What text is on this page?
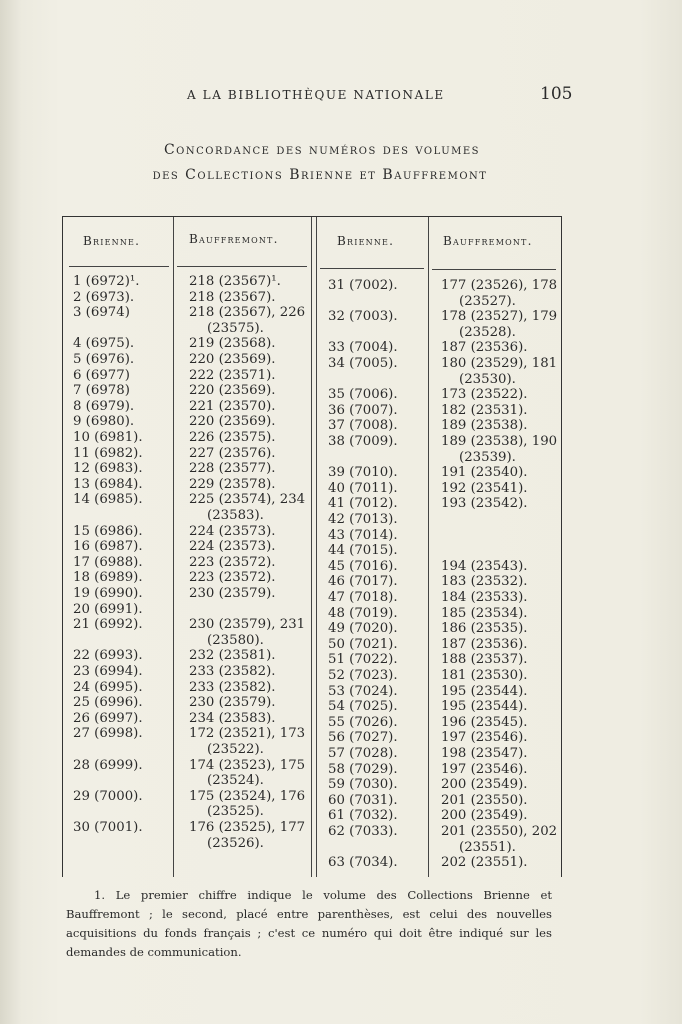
A LA BIBLIOTHÈQUE NATIONALE	105
Concordance des numéros des volumes
des Collections Brienne et Bauffremont
Brienne.	Bauffremont.	Brienne.	Bauffremont.
1 (6972)¹.	218 (23567)¹.
2 (6973).	218 (23567).
3 (6974)	218 (23567), 226
(23575).
4 (6975).	219 (23568).
5 (6976).	220 (23569).
6 (6977)	222 (23571).
7 (6978)	220 (23569).
8 (6979).	221 (23570).
9 (6980).	220 (23569).
10 (6981).	226 (23575).
11 (6982).	227 (23576).
12 (6983).	228 (23577).
13 (6984).	229 (23578).
14 (6985).	225 (23574), 234
(23583).
15 (6986).	224 (23573).
16 (6987).	224 (23573).
17 (6988).	223 (23572).
18 (6989).	223 (23572).
19 (6990).	230 (23579).
20 (6991).
21 (6992).	230 (23579), 231
(23580).
22 (6993).	232 (23581).
23 (6994).	233 (23582).
24 (6995).	233 (23582).
25 (6996).	230 (23579).
26 (6997).	234 (23583).
27 (6998).	172 (23521), 173
(23522).
28 (6999).	174 (23523), 175
(23524).
29 (7000).	175 (23524), 176
(23525).
30 (7001).	176 (23525), 177
(23526).
31 (7002).	177 (23526), 178
(23527).
32 (7003).	178 (23527), 179
(23528).
33 (7004).	187 (23536).
34 (7005).	180 (23529), 181
(23530).
35 (7006).	173 (23522).
36 (7007).	182 (23531).
37 (7008).	189 (23538).
38 (7009).	189 (23538), 190
(23539).
39 (7010).	191 (23540).
40 (7011).	192 (23541).
41 (7012).	193 (23542).
42 (7013).
43 (7014).
44 (7015).
45 (7016).	194 (23543).
46 (7017).	183 (23532).
47 (7018).	184 (23533).
48 (7019).	185 (23534).
49 (7020).	186 (23535).
50 (7021).	187 (23536).
51 (7022).	188 (23537).
52 (7023).	181 (23530).
53 (7024).	195 (23544).
54 (7025).	195 (23544).
55 (7026).	196 (23545).
56 (7027).	197 (23546).
57 (7028).	198 (23547).
58 (7029).	197 (23546).
59 (7030).	200 (23549).
60 (7031).	201 (23550).
61 (7032).	200 (23549).
62 (7033).	201 (23550), 202
(23551).
63 (7034).	202 (23551).
1. Le premier chiffre indique le volume des Collections Brienne et Bauffremont ; le second, placé entre parenthèses, est celui des nouvelles acquisitions du fonds français ; c'est ce numéro qui doit être indiqué sur les demandes de communication.
